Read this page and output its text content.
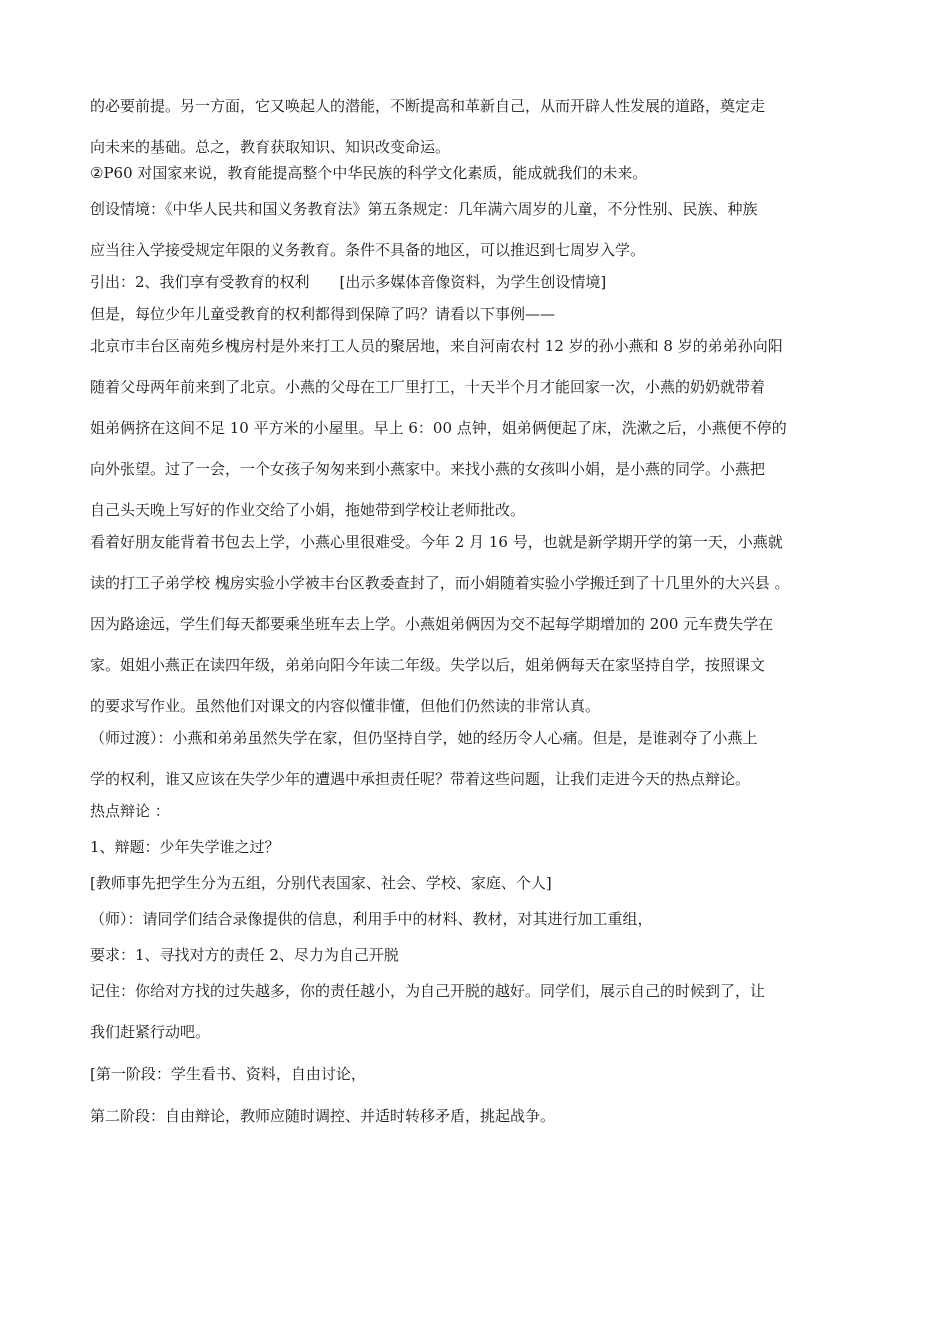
的必要前提。另一方面，它又唤起人的潜能，不断提高和革新自己，从而开辟人性发展的道路，奠定走

向未来的基础。总之，教育获取知识、知识改变命运。

②P60 对国家来说，教育能提高整个中华民族的科学文化素质，能成就我们的未来。

创设情境：《中华人民共和国义务教育法》第五条规定：几年满六周岁的儿童，不分性别、民族、种族

应当往入学接受规定年限的义务教育。条件不具备的地区，可以推迟到七周岁入学。

引出：2、我们享有受教育的权利　　[出示多媒体音像资料，为学生创设情境]

但是，每位少年儿童受教育的权利都得到保障了吗？请看以下事例——

北京市丰台区南苑乡槐房村是外来打工人员的聚居地，来自河南农村 12 岁的孙小燕和 8 岁的弟弟孙向阳

随着父母两年前来到了北京。小燕的父母在工厂里打工，十天半个月才能回家一次，小燕的奶奶就带着

姐弟俩挤在这间不足 10 平方米的小屋里。早上 6：00 点钟，姐弟俩便起了床，洗漱之后，小燕便不停的

向外张望。过了一会，一个女孩子匆匆来到小燕家中。来找小燕的女孩叫小娟，是小燕的同学。小燕把

自己头天晚上写好的作业交给了小娟，拖她带到学校让老师批改。

看着好朋友能背着书包去上学，小燕心里很难受。今年 2 月 16 号，也就是新学期开学的第一天，小燕就

读的打工子弟学校 槐房实验小学被丰台区教委查封了，而小娟随着实验小学搬迁到了十几里外的大兴县 。

因为路途远，学生们每天都要乘坐班车去上学。小燕姐弟俩因为交不起每学期增加的 200 元车费失学在

家。姐姐小燕正在读四年级，弟弟向阳今年读二年级。失学以后，姐弟俩每天在家坚持自学，按照课文

的要求写作业。虽然他们对课文的内容似懂非懂，但他们仍然读的非常认真。

（师过渡）：小燕和弟弟虽然失学在家，但仍坚持自学，她的经历令人心痛。但是，是谁剥夺了小燕上

学的权利，谁又应该在失学少年的遭遇中承担责任呢？带着这些问题，让我们走进今天的热点辩论。

热点辩论 ：

1、辩题：少年失学谁之过？

[教师事先把学生分为五组，分别代表国家、社会、学校、家庭、个人]

（师）：请同学们结合录像提供的信息，利用手中的材料、教材，对其进行加工重组，

要求：1、寻找对方的责任 2、尽力为自己开脱

记住：你给对方找的过失越多，你的责任越小，为自己开脱的越好。同学们，展示自己的时候到了，让

我们赶紧行动吧。

[第一阶段：学生看书、资料，自由讨论，

第二阶段：自由辩论，教师应随时调控、并适时转移矛盾，挑起战争。
